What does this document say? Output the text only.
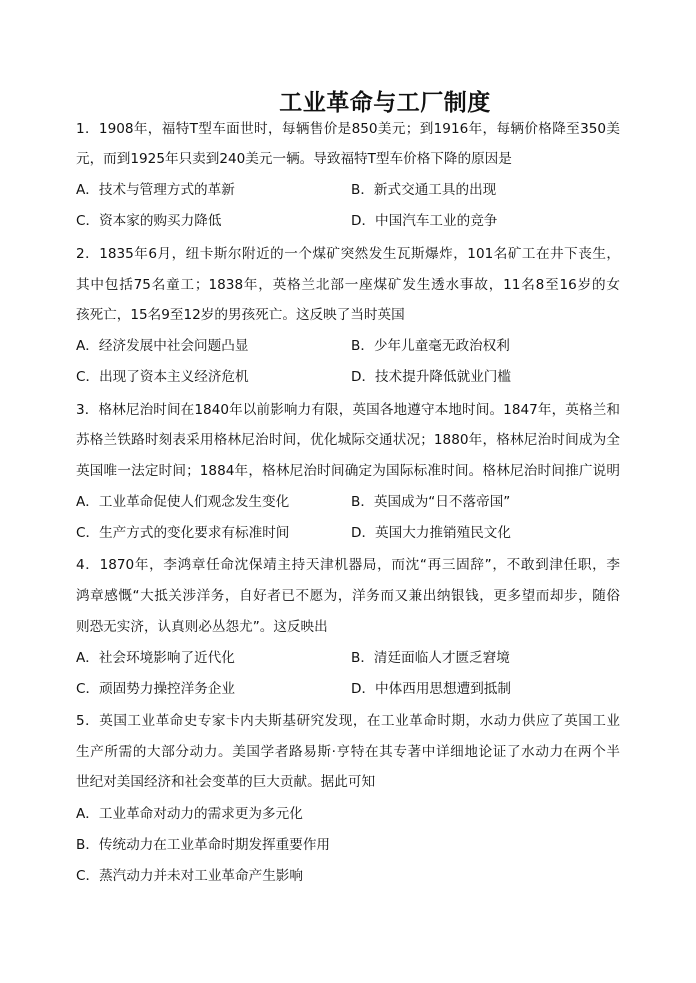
工业革命与工厂制度
1．1908年，福特T型车面世时，每辆售价是850美元；到1916年，每辆价格降至350美
元，而到1925年只卖到240美元一辆。导致福特T型车价格下降的原因是
A．技术与管理方式的革新	B．新式交通工具的出现
C．资本家的购买力降低	D．中国汽车工业的竞争
2．1835年6月，纽卡斯尔附近的一个煤矿突然发生瓦斯爆炸，101名矿工在井下丧生，
其中包括75名童工；1838年，英格兰北部一座煤矿发生透水事故，11名8至16岁的女
孩死亡，15名9至12岁的男孩死亡。这反映了当时英国
A．经济发展中社会问题凸显	B．少年儿童毫无政治权利
C．出现了资本主义经济危机	D．技术提升降低就业门槛
3．格林尼治时间在1840年以前影响力有限，英国各地遵守本地时间。1847年，英格兰和
苏格兰铁路时刻表采用格林尼治时间，优化城际交通状况；1880年，格林尼治时间成为全
英国唯一法定时间；1884年，格林尼治时间确定为国际标准时间。格林尼治时间推广说明
A．工业革命促使人们观念发生变化	B．英国成为“日不落帝国”
C．生产方式的变化要求有标准时间	D．英国大力推销殖民文化
4．1870年，李鸿章任命沈保靖主持天津机器局，而沈“再三固辞”，不敢到津任职，李
鸿章感慨“大抵关涉洋务，自好者已不愿为，洋务而又兼出纳银钱，更多望而却步，随俗
则恐无实济，认真则必丛怨尤”。这反映出
A．社会环境影响了近代化	B．清廷面临人才匮乏窘境
C．顽固势力操控洋务企业	D．中体西用思想遭到抵制
5．英国工业革命史专家卡内夫斯基研究发现，在工业革命时期，水动力供应了英国工业
生产所需的大部分动力。美国学者路易斯·亨特在其专著中详细地论证了水动力在两个半
世纪对美国经济和社会变革的巨大贡献。据此可知
A．工业革命对动力的需求更为多元化
B．传统动力在工业革命时期发挥重要作用
C．蒸汽动力并未对工业革命产生影响
